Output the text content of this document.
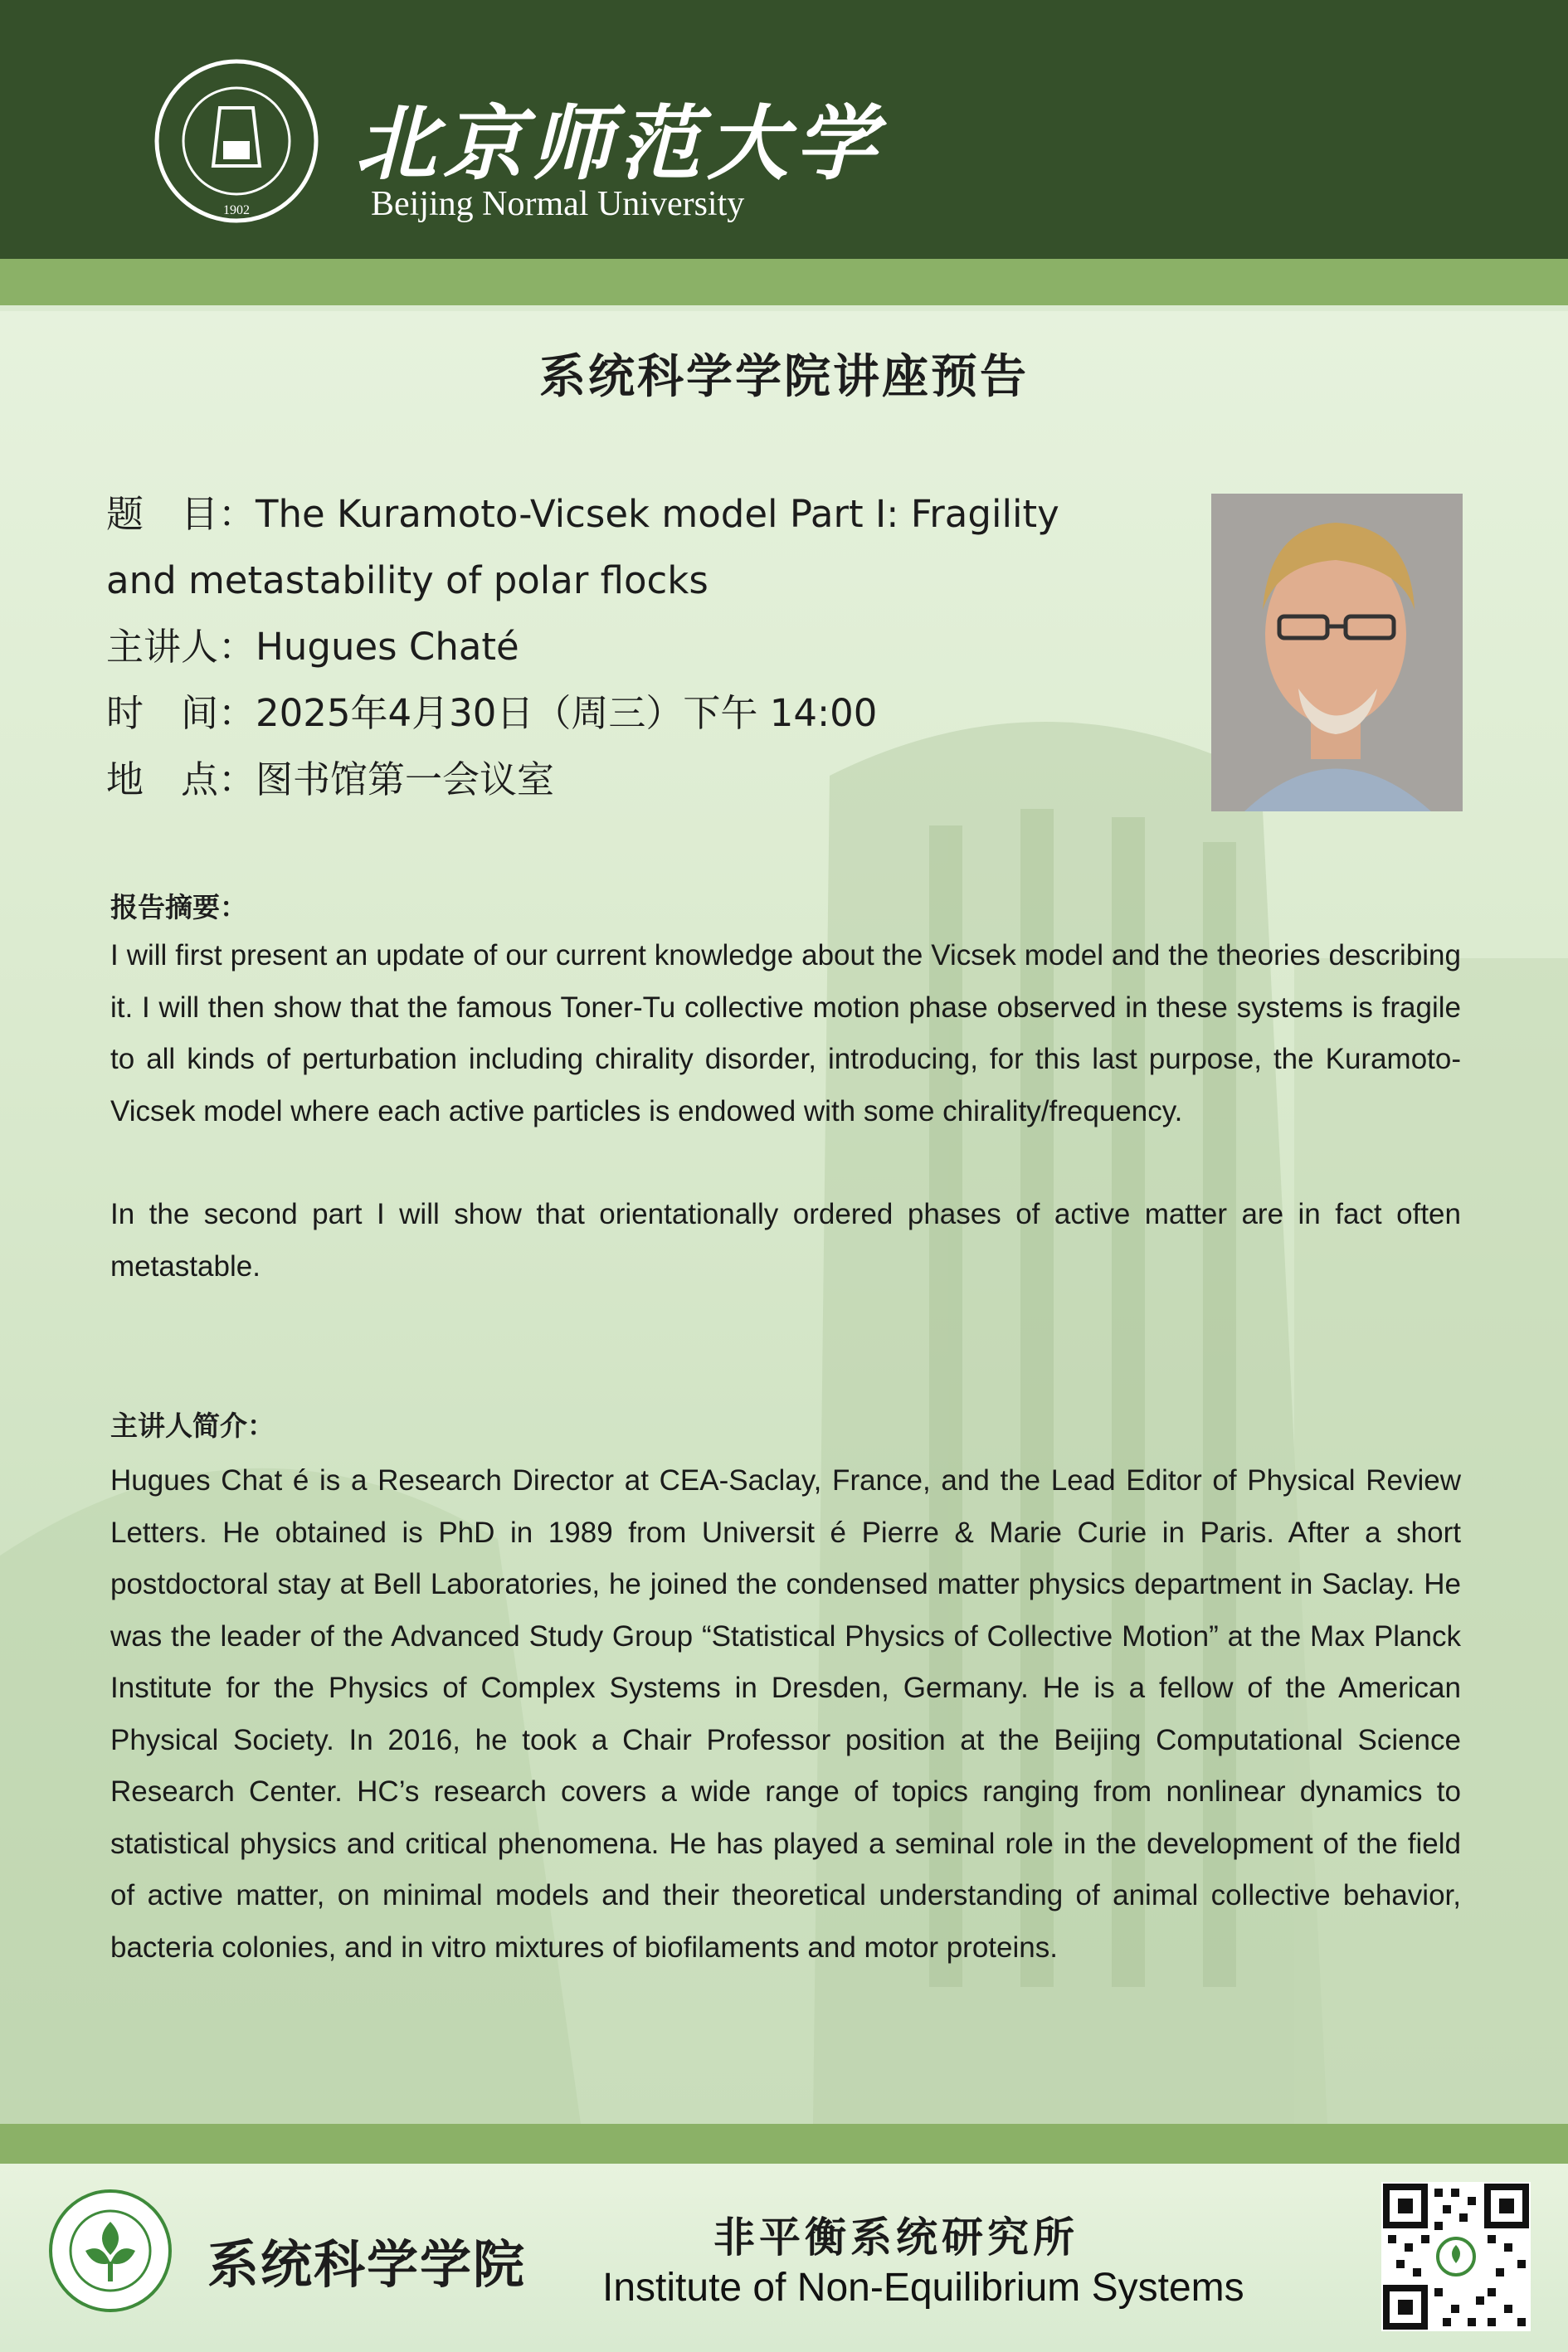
1902
北京师范大学
Beijing Normal University
系统科学学院讲座预告
题　目：The Kuramoto-Vicsek model Part I: Fragility
and metastability of polar flocks
主讲人：Hugues Chaté
时　间：2025年4月30日（周三）下午 14:00
地　点：图书馆第一会议室
报告摘要：
I will first present an update of our current knowledge about the Vicsek model and the theories describing it. I will then show that the famous Toner-Tu collective motion phase observed in these systems is fragile to all kinds of perturbation including chirality disorder, introducing, for this last purpose, the Kuramoto-Vicsek model where each active particles is endowed with some chirality/frequency.
In the second part I will show that orientationally ordered phases of active matter are in fact often metastable.
主讲人简介：
Hugues Chat é is a Research Director at CEA-Saclay, France, and the Lead Editor of Physical Review Letters. He obtained is PhD in 1989 from Universit é Pierre & Marie Curie in Paris. After a short postdoctoral stay at Bell Laboratories, he joined the condensed matter physics department in Saclay. He was the leader of the Advanced Study Group “Statistical Physics of Collective Motion” at the Max Planck Institute for the Physics of Complex Systems in Dresden, Germany. He is a fellow of the American Physical Society. In 2016, he took a Chair Professor position at the Beijing Computational Science Research Center. HC’s research covers a wide range of topics ranging from nonlinear dynamics to statistical physics and critical phenomena. He has played a seminal role in the development of the field of active matter, on minimal models and their theoretical understanding of animal collective behavior, bacteria colonies, and in vitro mixtures of biofilaments and motor proteins.
系统科学学院	非平衡系统研究所
Institute of Non-Equilibrium Systems
